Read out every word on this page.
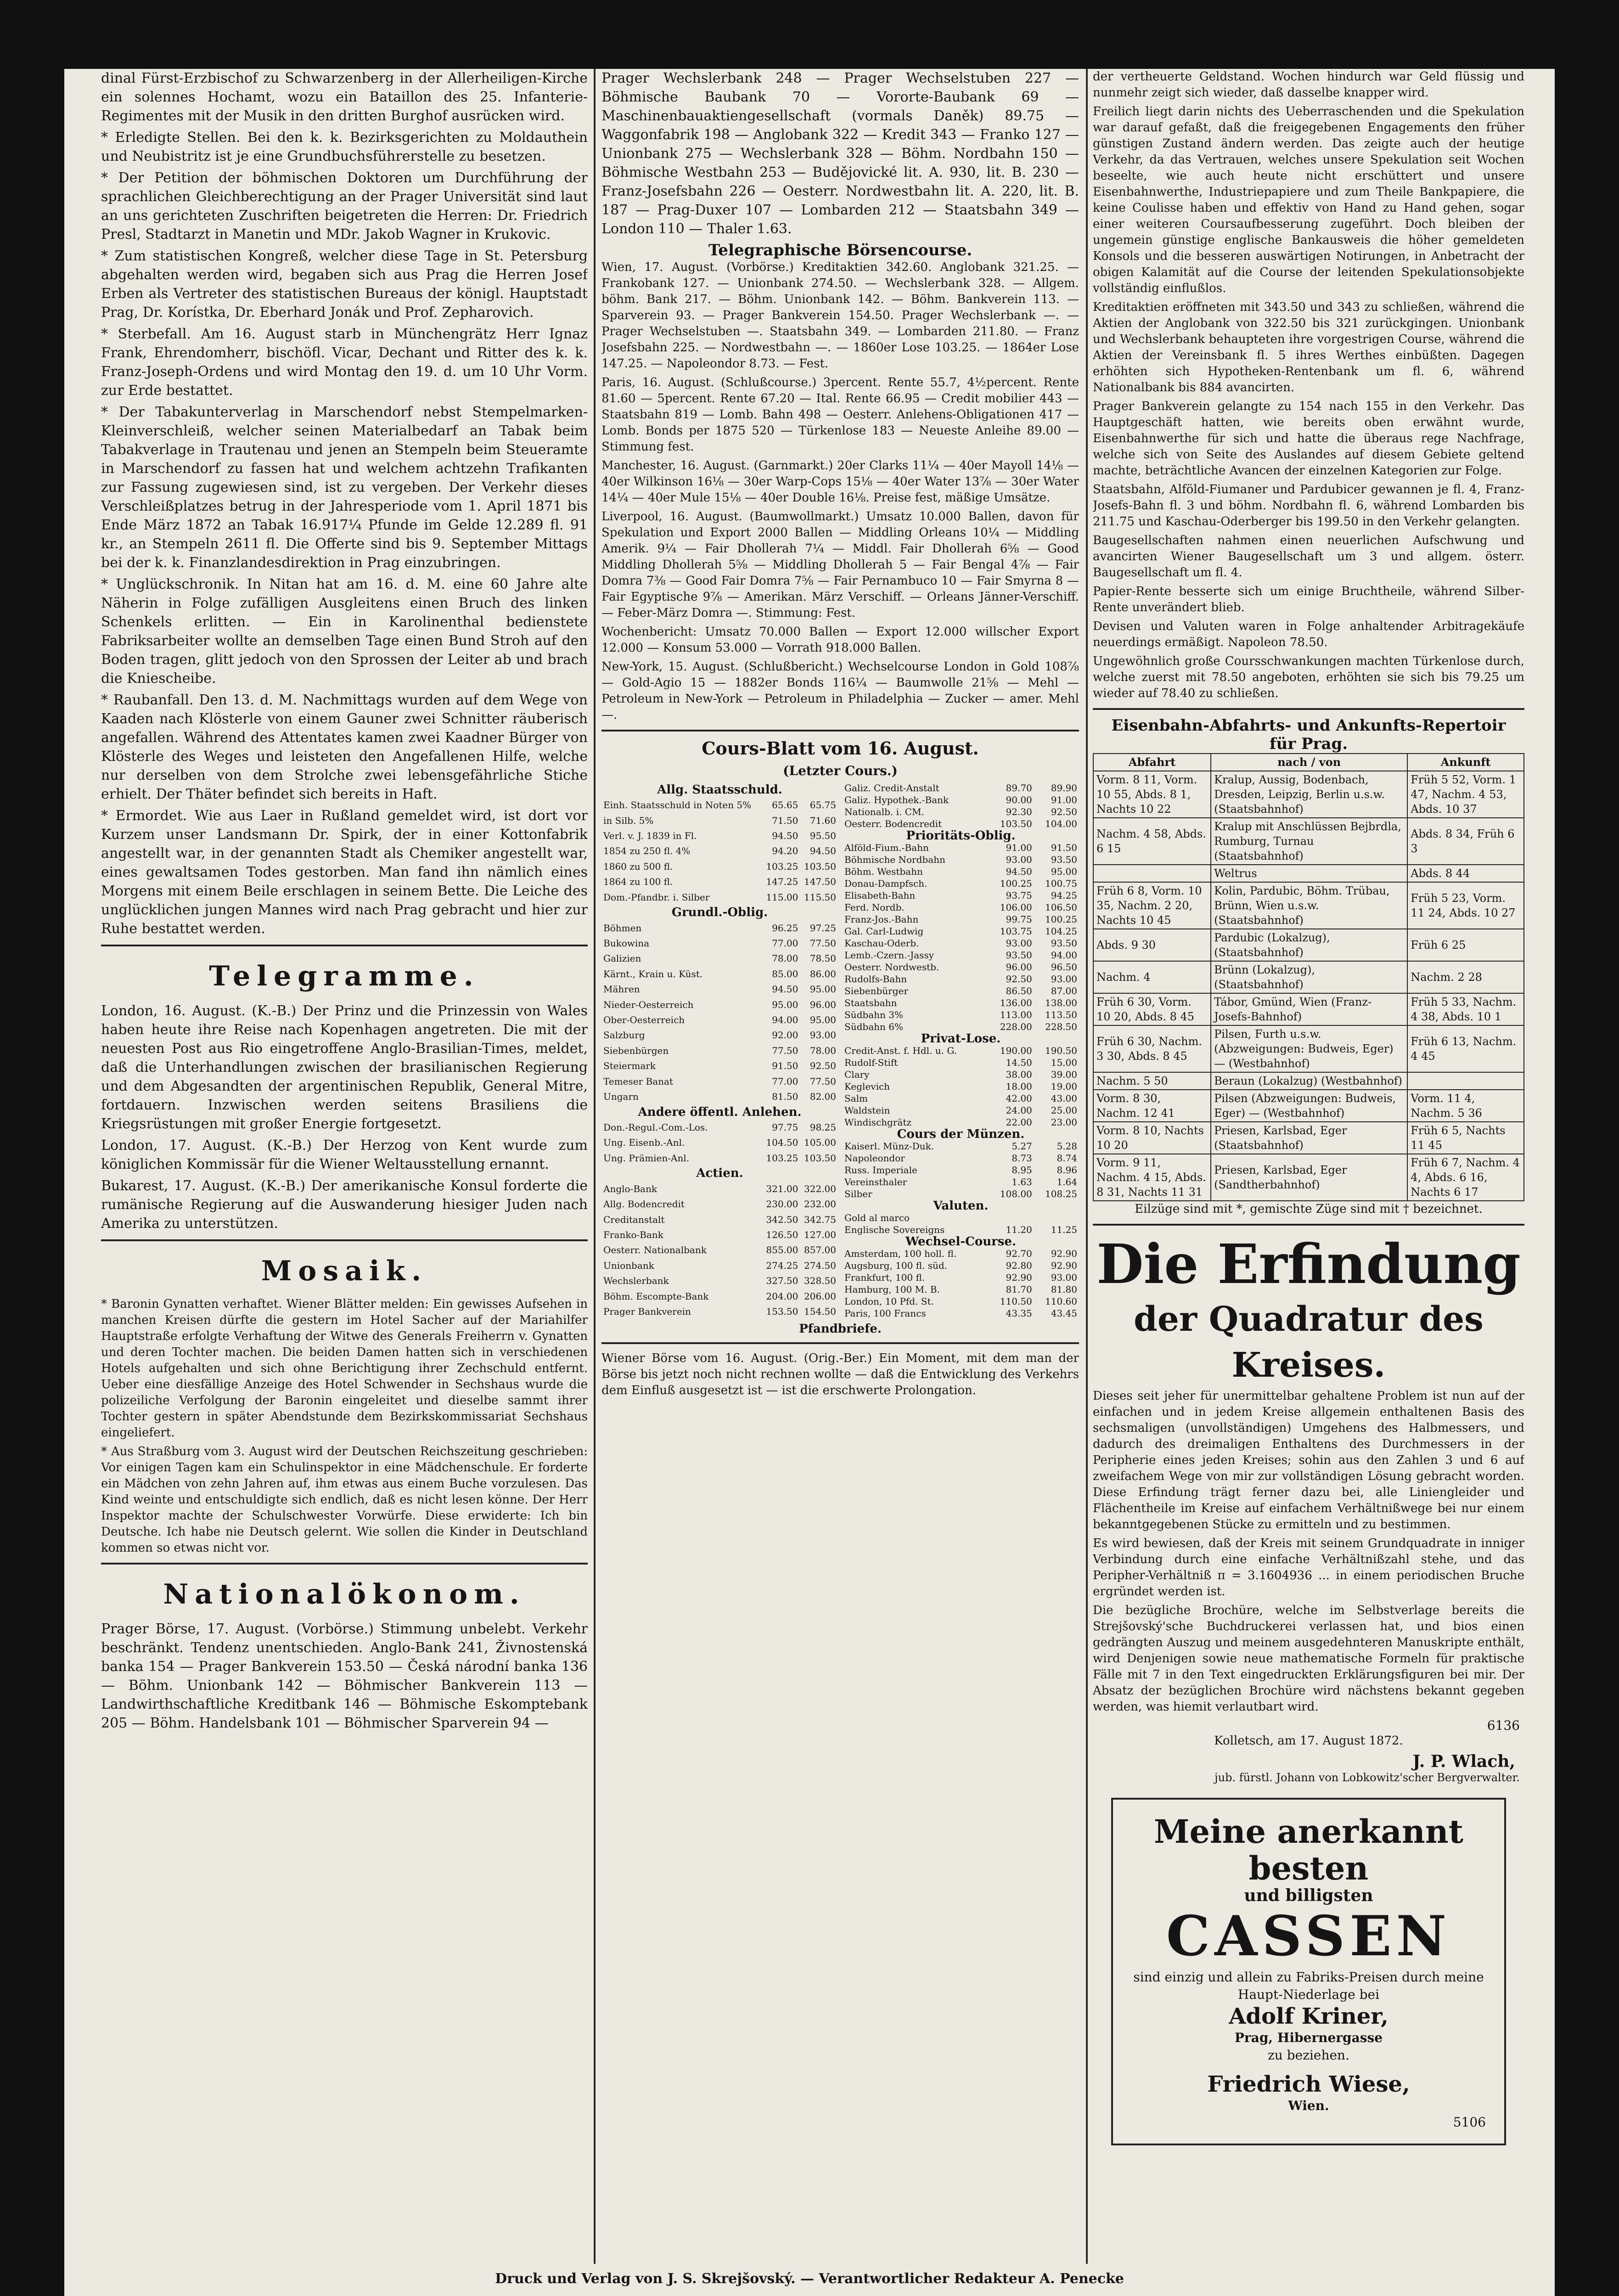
dinal Fürst-Erzbischof zu Schwarzenberg in der Allerheiligen-Kirche ein solennes Hochamt, wozu ein Bataillon des 25. Infanterie-Regimentes mit der Musik in den dritten Burghof ausrücken wird.

* Erledigte Stellen. Bei den k. k. Bezirksgerichten zu Moldauthein und Neubistritz ist je eine Grundbuchsführerstelle zu besetzen.

* Der Petition der böhmischen Doktoren um Durchführung der sprachlichen Gleichberechtigung an der Prager Universität sind laut an uns gerichteten Zuschriften beigetreten die Herren: Dr. Friedrich Presl, Stadtarzt in Manetin und MDr. Jakob Wagner in Krukovic.

* Zum statistischen Kongreß, welcher diese Tage in St. Petersburg abgehalten werden wird, begaben sich aus Prag die Herren Josef Erben als Vertreter des statistischen Bureaus der königl. Hauptstadt Prag, Dr. Korístka, Dr. Eberhard Jonák und Prof. Zepharovich.

* Sterbefall. Am 16. August starb in Münchengrätz Herr Ignaz Frank, Ehrendomherr, bischöfl. Vicar, Dechant und Ritter des k. k. Franz-Joseph-Ordens und wird Montag den 19. d. um 10 Uhr Vorm. zur Erde bestattet.

* Der Tabakunterverlag in Marschendorf nebst Stempelmarken-Kleinverschleiß, welcher seinen Materialbedarf an Tabak beim Tabakverlage in Trautenau und jenen an Stempeln beim Steueramte in Marschendorf zu fassen hat und welchem achtzehn Trafikanten zur Fassung zugewiesen sind, ist zu vergeben. Der Verkehr dieses Verschleißplatzes betrug in der Jahresperiode vom 1. April 1871 bis Ende März 1872 an Tabak 16.917¼ Pfunde im Gelde 12.289 fl. 91 kr., an Stempeln 2611 fl. Die Offerte sind bis 9. September Mittags bei der k. k. Finanzlandesdirektion in Prag einzubringen.

* Unglückschronik. In Nitan hat am 16. d. M. eine 60 Jahre alte Näherin in Folge zufälligen Ausgleitens einen Bruch des linken Schenkels erlitten. — Ein in Karolinenthal bedienstete Fabriksarbeiter wollte an demselben Tage einen Bund Stroh auf den Boden tragen, glitt jedoch von den Sprossen der Leiter ab und brach die Kniescheibe.

* Raubanfall. Den 13. d. M. Nachmittags wurden auf dem Wege von Kaaden nach Klösterle von einem Gauner zwei Schnitter räuberisch angefallen. Während des Attentates kamen zwei Kaadner Bürger von Klösterle des Weges und leisteten den Angefallenen Hilfe, welche nur derselben von dem Strolche zwei lebensgefährliche Stiche erhielt. Der Thäter befindet sich bereits in Haft.

* Ermordet. Wie aus Laer in Rußland gemeldet wird, ist dort vor Kurzem unser Landsmann Dr. Spirk, der in einer Kottonfabrik angestellt war, in der genannten Stadt als Chemiker angestellt war, eines gewaltsamen Todes gestorben. Man fand ihn nämlich eines Morgens mit einem Beile erschlagen in seinem Bette. Die Leiche des unglücklichen jungen Mannes wird nach Prag gebracht und hier zur Ruhe bestattet werden.

Telegramme.

London, 16. August. (K.-B.) Der Prinz und die Prinzessin von Wales haben heute ihre Reise nach Kopenhagen angetreten. Die mit der neuesten Post aus Rio eingetroffene Anglo-Brasilian-Times, meldet, daß die Unterhandlungen zwischen der brasilianischen Regierung und dem Abgesandten der argentinischen Republik, General Mitre, fortdauern. Inzwischen werden seitens Brasiliens die Kriegsrüstungen mit großer Energie fortgesetzt.

London, 17. August. (K.-B.) Der Herzog von Kent wurde zum königlichen Kommissär für die Wiener Weltausstellung ernannt.

Bukarest, 17. August. (K.-B.) Der amerikanische Konsul forderte die rumänische Regierung auf die Auswanderung hiesiger Juden nach Amerika zu unterstützen.

Mosaik.

* Baronin Gynatten verhaftet. Wiener Blätter melden: Ein gewisses Aufsehen in manchen Kreisen dürfte die gestern im Hotel Sacher auf der Mariahilfer Hauptstraße erfolgte Verhaftung der Witwe des Generals Freiherrn v. Gynatten und deren Tochter machen. Die beiden Damen hatten sich in verschiedenen Hotels aufgehalten und sich ohne Berichtigung ihrer Zechschuld entfernt. Ueber eine diesfällige Anzeige des Hotel Schwender in Sechshaus wurde die polizeiliche Verfolgung der Baronin eingeleitet und dieselbe sammt ihrer Tochter gestern in später Abendstunde dem Bezirkskommissariat Sechshaus eingeliefert.

* Aus Straßburg vom 3. August wird der Deutschen Reichszeitung geschrieben: Vor einigen Tagen kam ein Schulinspektor in eine Mädchenschule. Er forderte ein Mädchen von zehn Jahren auf, ihm etwas aus einem Buche vorzulesen. Das Kind weinte und entschuldigte sich endlich, daß es nicht lesen könne. Der Herr Inspektor machte der Schulschwester Vorwürfe. Diese erwiderte: Ich bin Deutsche. Ich habe nie Deutsch gelernt. Wie sollen die Kinder in Deutschland kommen so etwas nicht vor.

Nationalökonom.

Prager Börse, 17. August. (Vorbörse.) Stimmung unbelebt. Verkehr beschränkt. Tendenz unentschieden. Anglo-Bank 241, Živnostenská banka 154 — Prager Bankverein 153.50 — Česká národní banka 136 — Böhm. Unionbank 142 — Böhmischer Bankverein 113 — Landwirthschaftliche Kreditbank 146 — Böhmische Eskomptebank 205 — Böhm. Handelsbank 101 — Böhmischer Sparverein 94 —

Prager Wechslerbank 248 — Prager Wechselstuben 227 — Böhmische Baubank 70 — Vororte-Baubank 69 — Maschinenbauaktiengesellschaft (vormals Daněk) 89.75 — Waggonfabrik 198 — Anglobank 322 — Kredit 343 — Franko 127 — Unionbank 275 — Wechslerbank 328 — Böhm. Nordbahn 150 — Böhmische Westbahn 253 — Budějovické lit. A. 930, lit. B. 230 — Franz-Josefsbahn 226 — Oesterr. Nordwestbahn lit. A. 220, lit. B. 187 — Prag-Duxer 107 — Lombarden 212 — Staatsbahn 349 — London 110 — Thaler 1.63.

Telegraphische Börsencourse.

Wien, 17. August. (Vorbörse.) Kreditaktien 342.60. Anglobank 321.25. — Frankobank 127. — Unionbank 274.50. — Wechslerbank 328. — Allgem. böhm. Bank 217. — Böhm. Unionbank 142. — Böhm. Bankverein 113. — Sparverein 93. — Prager Bankverein 154.50. Prager Wechslerbank —. — Prager Wechselstuben —. Staatsbahn 349. — Lombarden 211.80. — Franz Josefsbahn 225. — Nordwestbahn —. — 1860er Lose 103.25. — 1864er Lose 147.25. — Napoleondor 8.73. — Fest.

Paris, 16. August. (Schlußcourse.) 3percent. Rente 55.7, 4½percent. Rente 81.60 — 5percent. Rente 67.20 — Ital. Rente 66.95 — Credit mobilier 443 — Staatsbahn 819 — Lomb. Bahn 498 — Oesterr. Anlehens-Obligationen 417 — Lomb. Bonds per 1875 520 — Türkenlose 183 — Neueste Anleihe 89.00 — Stimmung fest.

Manchester, 16. August. (Garnmarkt.) 20er Clarks 11¼ — 40er Mayoll 14⅛ — 40er Wilkinson 16⅛ — 30er Warp-Cops 15⅛ — 40er Water 13⅞ — 30er Water 14¼ — 40er Mule 15⅛ — 40er Double 16⅛. Preise fest, mäßige Umsätze.

Liverpool, 16. August. (Baumwollmarkt.) Umsatz 10.000 Ballen, davon für Spekulation und Export 2000 Ballen — Middling Orleans 10¼ — Middling Amerik. 9¼ — Fair Dhollerah 7¼ — Middl. Fair Dhollerah 6⅝ — Good Middling Dhollerah 5⅝ — Middling Dhollerah 5 — Fair Bengal 4⅞ — Fair Domra 7⅜ — Good Fair Domra 7⅝ — Fair Pernambuco 10 — Fair Smyrna 8 — Fair Egyptische 9⅞ — Amerikan. März Verschiff. — Orleans Jänner-Verschiff. — Feber-März Domra —. Stimmung: Fest.

Wochenbericht: Umsatz 70.000 Ballen — Export 12.000 willscher Export 12.000 — Konsum 53.000 — Vorrath 918.000 Ballen.

New-York, 15. August. (Schlußbericht.) Wechselcourse London in Gold 108⅞ — Gold-Agio 15 — 1882er Bonds 116¼ — Baumwolle 21⅝ — Mehl — Petroleum in New-York — Petroleum in Philadelphia — Zucker — amer. Mehl —.

Cours-Blatt vom 16. August.
(Letzter Cours.)
Allg. Staatsschuld.		
Einh. Staatsschuld in Noten 5%	65.65	65.75
in Silb. 5%	71.50	71.60
Verl. v. J. 1839 in Fl.	94.50	95.50
1854 zu 250 fl. 4%	94.20	94.50
1860 zu 500 fl.	103.25	103.50
1864 zu 100 fl.	147.25	147.50
Dom.-Pfandbr. i. Silber	115.00	115.50
Grundl.-Oblig.		
Böhmen	96.25	97.25
Bukowina	77.00	77.50
Galizien	78.00	78.50
Kärnt., Krain u. Küst.	85.00	86.00
Mähren	94.50	95.00
Nieder-Oesterreich	95.00	96.00
Ober-Oesterreich	94.00	95.00
Salzburg	92.00	93.00
Siebenbürgen	77.50	78.00
Steiermark	91.50	92.50
Temeser Banat	77.00	77.50
Ungarn	81.50	82.00
Andere öffentl. Anlehen.		
Don.-Regul.-Com.-Los.	97.75	98.25
Ung. Eisenb.-Anl.	104.50	105.00
Ung. Prämien-Anl.	103.25	103.50
Actien.		
Anglo-Bank	321.00	322.00
Allg. Bodencredit	230.00	232.00
Creditanstalt	342.50	342.75
Franko-Bank	126.50	127.00
Oesterr. Nationalbank	855.00	857.00
Unionbank	274.25	274.50
Wechslerbank	327.50	328.50
Böhm. Escompte-Bank	204.00	206.00
Prager Bankverein	153.50	154.50
Galiz. Credit-Anstalt	89.70	89.90
Galiz. Hypothek.-Bank	90.00	91.00
Nationalb. i. CM.	92.30	92.50
Oesterr. Bodencredit	103.50	104.00
Prioritäts-Oblig.		
Alföld-Fium.-Bahn	91.00	91.50
Böhmische Nordbahn	93.00	93.50
Böhm. Westbahn	94.50	95.00
Donau-Dampfsch.	100.25	100.75
Elisabeth-Bahn	93.75	94.25
Ferd. Nordb.	106.00	106.50
Franz-Jos.-Bahn	99.75	100.25
Gal. Carl-Ludwig	103.75	104.25
Kaschau-Oderb.	93.00	93.50
Lemb.-Czern.-Jassy	93.50	94.00
Oesterr. Nordwestb.	96.00	96.50
Rudolfs-Bahn	92.50	93.00
Siebenbürger	86.50	87.00
Staatsbahn	136.00	138.00
Südbahn 3%	113.00	113.50
Südbahn 6%	228.00	228.50
Privat-Lose.		
Credit-Anst. f. Hdl. u. G.	190.00	190.50
Rudolf-Stift	14.50	15.00
Clary	38.00	39.00
Keglevich	18.00	19.00
Salm	42.00	43.00
Waldstein	24.00	25.00
Windischgrätz	22.00	23.00
Cours der Münzen.		
Kaiserl. Münz-Duk.	5.27	5.28
Napoleondor	8.73	8.74
Russ. Imperiale	8.95	8.96
Vereinsthaler	1.63	1.64
Silber	108.00	108.25
Valuten.		
Gold al marco		
Englische Sovereigns	11.20	11.25
Wechsel-Course.		
Amsterdam, 100 holl. fl.	92.70	92.90
Augsburg, 100 fl. süd.	92.80	92.90
Frankfurt, 100 fl.	92.90	93.00
Hamburg, 100 M. B.	81.70	81.80
London, 10 Pfd. St.	110.50	110.60
Paris, 100 Francs	43.35	43.45
Pfandbriefe.

Wiener Börse vom 16. August. (Orig.-Ber.) Ein Moment, mit dem man der Börse bis jetzt noch nicht rechnen wollte — daß die Entwicklung des Verkehrs dem Einfluß ausgesetzt ist — ist die erschwerte Prolongation.

der vertheuerte Geldstand. Wochen hindurch war Geld flüssig und nunmehr zeigt sich wieder, daß dasselbe knapper wird.

Freilich liegt darin nichts des Ueberraschenden und die Spekulation war darauf gefaßt, daß die freigegebenen Engagements den früher günstigen Zustand ändern werden. Das zeigte auch der heutige Verkehr, da das Vertrauen, welches unsere Spekulation seit Wochen beseelte, wie auch heute nicht erschüttert und unsere Eisenbahnwerthe, Industriepapiere und zum Theile Bankpapiere, die keine Coulisse haben und effektiv von Hand zu Hand gehen, sogar einer weiteren Coursaufbesserung zugeführt. Doch bleiben der ungemein günstige englische Bankausweis die höher gemeldeten Konsols und die besseren auswärtigen Notirungen, in Anbetracht der obigen Kalamität auf die Course der leitenden Spekulationsobjekte vollständig einflußlos.

Kreditaktien eröffneten mit 343.50 und 343 zu schließen, während die Aktien der Anglobank von 322.50 bis 321 zurückgingen. Unionbank und Wechslerbank behaupteten ihre vorgestrigen Course, während die Aktien der Vereinsbank fl. 5 ihres Werthes einbüßten. Dagegen erhöhten sich Hypotheken-Rentenbank um fl. 6, während Nationalbank bis 884 avancirten.

Prager Bankverein gelangte zu 154 nach 155 in den Verkehr. Das Hauptgeschäft hatten, wie bereits oben erwähnt wurde, Eisenbahnwerthe für sich und hatte die überaus rege Nachfrage, welche sich von Seite des Auslandes auf diesem Gebiete geltend machte, beträchtliche Avancen der einzelnen Kategorien zur Folge.

Staatsbahn, Alföld-Fiumaner und Pardubicer gewannen je fl. 4, Franz-Josefs-Bahn fl. 3 und böhm. Nordbahn fl. 6, während Lombarden bis 211.75 und Kaschau-Oderberger bis 199.50 in den Verkehr gelangten.

Baugesellschaften nahmen einen neuerlichen Aufschwung und avancirten Wiener Baugesellschaft um 3 und allgem. österr. Baugesellschaft um fl. 4.

Papier-Rente besserte sich um einige Bruchtheile, während Silber-Rente unverändert blieb.

Devisen und Valuten waren in Folge anhaltender Arbitragekäufe neuerdings ermäßigt. Napoleon 78.50.

Ungewöhnlich große Coursschwankungen machten Türkenlose durch, welche zuerst mit 78.50 angeboten, erhöhten sie sich bis 79.25 um wieder auf 78.40 zu schließen.

Eisenbahn-Abfahrts- und Ankunfts-Repertoir
für Prag.
Abfahrt	nach / von	Ankunft
Vorm. 8 11, Vorm. 10 55, Abds. 8 1, Nachts 10 22	Kralup, Aussig, Bodenbach, Dresden, Leipzig, Berlin u.s.w. (Staatsbahnhof)	Früh 5 52, Vorm. 1 47, Nachm. 4 53, Abds. 10 37
Nachm. 4 58, Abds. 6 15	Kralup mit Anschlüssen Bejbrdla, Rumburg, Turnau (Staatsbahnhof)	Abds. 8 34, Früh 6 3
	Weltrus	Abds. 8 44
Früh 6 8, Vorm. 10 35, Nachm. 2 20, Nachts 10 45	Kolin, Pardubic, Böhm. Trübau, Brünn, Wien u.s.w. (Staatsbahnhof)	Früh 5 23, Vorm. 11 24, Abds. 10 27
Abds. 9 30	Pardubic (Lokalzug), (Staatsbahnhof)	Früh 6 25
Nachm. 4	Brünn (Lokalzug), (Staatsbahnhof)	Nachm. 2 28
Früh 6 30, Vorm. 10 20, Abds. 8 45	Tábor, Gmünd, Wien (Franz-Josefs-Bahnhof)	Früh 5 33, Nachm. 4 38, Abds. 10 1
Früh 6 30, Nachm. 3 30, Abds. 8 45	Pilsen, Furth u.s.w. (Abzweigungen: Budweis, Eger) — (Westbahnhof)	Früh 6 13, Nachm. 4 45
Nachm. 5 50	Beraun (Lokalzug) (Westbahnhof)	
Vorm. 8 30, Nachm. 12 41	Pilsen (Abzweigungen: Budweis, Eger) — (Westbahnhof)	Vorm. 11 4, Nachm. 5 36
Vorm. 8 10, Nachts 10 20	Priesen, Karlsbad, Eger (Staatsbahnhof)	Früh 6 5, Nachts 11 45
Vorm. 9 11, Nachm. 4 15, Abds. 8 31, Nachts 11 31	Priesen, Karlsbad, Eger (Sandtherbahnhof)	Früh 6 7, Nachm. 4 4, Abds. 6 16, Nachts 6 17

Eilzüge sind mit *, gemischte Züge sind mit † bezeichnet.

Die Erfindung
der Quadratur des Kreises.

Dieses seit jeher für unermittelbar gehaltene Problem ist nun auf der einfachen und in jedem Kreise allgemein enthaltenen Basis des sechsmaligen (unvollständigen) Umgehens des Halbmessers, und dadurch des dreimaligen Enthaltens des Durchmessers in der Peripherie eines jeden Kreises; sohin aus den Zahlen 3 und 6 auf zweifachem Wege von mir zur vollständigen Lösung gebracht worden. Diese Erfindung trägt ferner dazu bei, alle Liniengleider und Flächentheile im Kreise auf einfachem Verhältnißwege bei nur einem bekanntgegebenen Stücke zu ermitteln und zu bestimmen.

Es wird bewiesen, daß der Kreis mit seinem Grundquadrate in inniger Verbindung durch eine einfache Verhältnißzahl stehe, und das Peripher-Verhältniß π = 3.1604936 ... in einem periodischen Bruche ergründet werden ist.

Die bezügliche Brochüre, welche im Selbstverlage bereits die Strejšovský'sche Buchdruckerei verlassen hat, und bios einen gedrängten Auszug und meinem ausgedehnteren Manuskripte enthält, wird Denjenigen sowie neue mathematische Formeln für praktische Fälle mit 7 in den Text eingedruckten Erklärungsfiguren bei mir. Der Absatz der bezüglichen Brochüre wird nächstens bekannt gegeben werden, was hiemit verlautbart wird.

6136

Kolletsch, am 17. August 1872.

J. P. Wlach,
jub. fürstl. Johann von Lobkowitz'scher Bergverwalter.
Meine anerkannt besten
und billigsten
CASSEN
sind einzig und allein zu Fabriks-Preisen durch meine Haupt-Niederlage bei
Adolf Kriner,
Prag, Hibernergasse
zu beziehen.
Friedrich Wiese,
Wien.
5106
Druck und Verlag von J. S. Skrejšovský. — Verantwortlicher Redakteur A. Penecke
